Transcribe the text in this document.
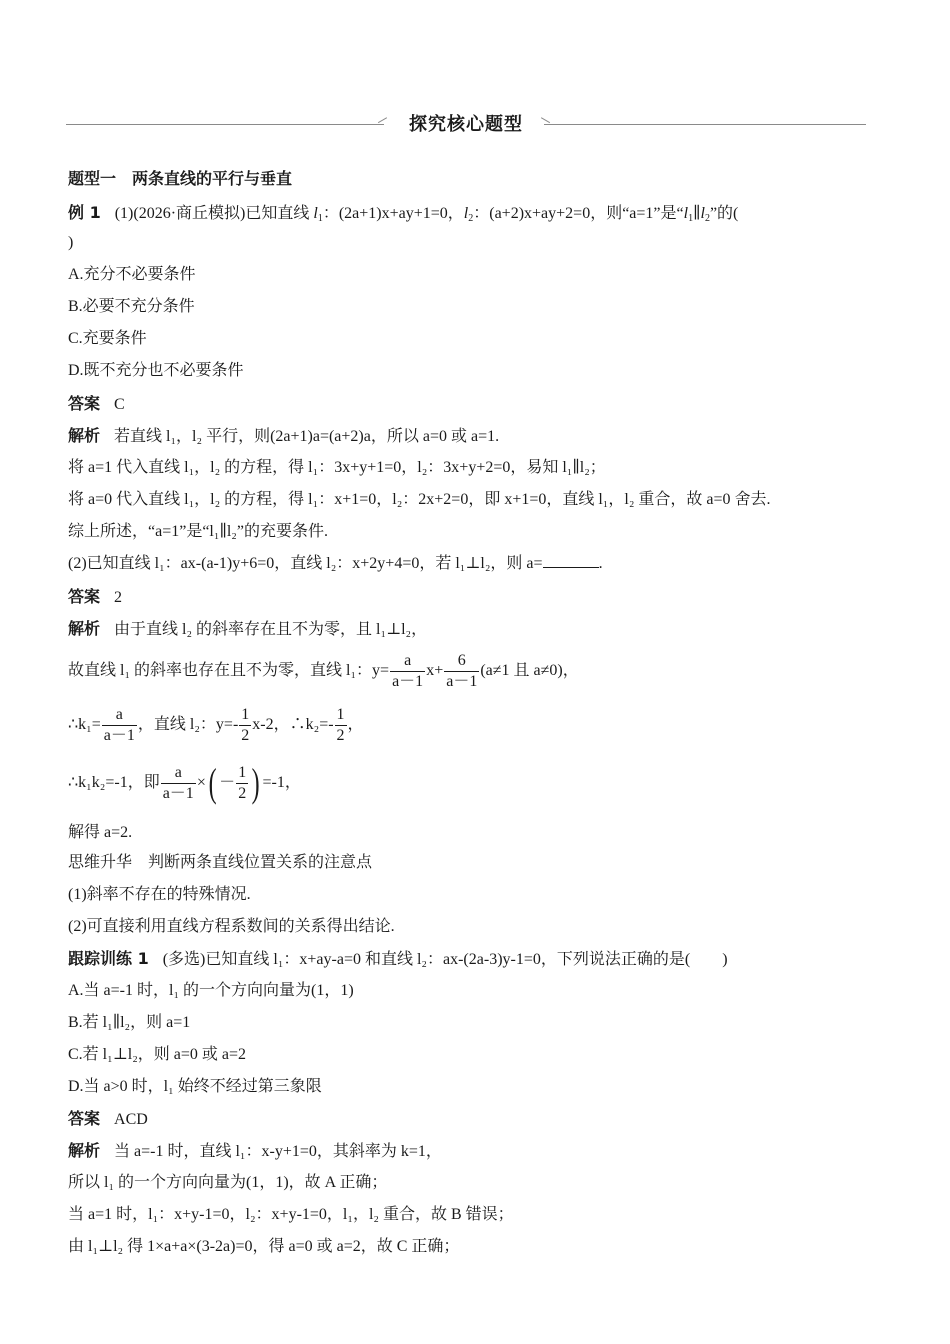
探究核心题型
题型一　两条直线的平行与垂直
例 1 (1)(2026·商丘模拟)已知直线 $l_1$：(2a+1)x+ay+1=0，$l_2$：(a+2)x+ay+2=0，则“a=1”是“$l_1\parallel l_2$”的(
)
A.充分不必要条件
B.必要不充分条件
C.充要条件
D.既不充分也不必要条件
答案 C
解析 若直线 l₁，l₂ 平行，则(2a+1)a=(a+2)a，所以 a=0 或 a=1.
将 a=1 代入直线 l₁，l₂ 的方程，得 l₁：3x+y+1=0，l₂：3x+y+2=0，易知 l₁∥l₂；
将 a=0 代入直线 l₁，l₂ 的方程，得 l₁：x+1=0，l₂：2x+2=0，即 x+1=0，直线 l₁，l₂ 重合，故 a=0 舍去.
综上所述，“a=1”是“l₁∥l₂”的充要条件.
(2)已知直线 l₁：ax-(a-1)y+6=0，直线 l₂：x+2y+4=0，若 l₁⊥l₂，则 a=	.
答案 2
解析 由于直线 l₂ 的斜率存在且不为零，且 l₁⊥l₂，
故直线 l₁ 的斜率也存在且不为零，直线 l₁：$y= \frac{a}{a-1} x+ \frac{6}{a-1} (a\ne 1$ 且 a≠0)，
∴k₁= $\frac{a}{a-1}$ ，直线 l₂：$y=- \frac{1}{2} x-2$，∴k₂=- $\frac{1}{2}$ ，
∴k₁k₂=-1，即 $\frac{a}{a-1}$ ×( － $\frac{1}{2}$ ) =-1，
解得 a=2.
思维升华　判断两条直线位置关系的注意点
(1)斜率不存在的特殊情况.
(2)可直接利用直线方程系数间的关系得出结论.
跟踪训练 1 (多选)已知直线 l₁：x+ay-a=0 和直线 l₂：ax-(2a-3)y-1=0，下列说法正确的是(　　)
A.当 a=-1 时，l₁ 的一个方向向量为(1，1)
B.若 l₁∥l₂，则 a=1
C.若 l₁⊥l₂，则 a=0 或 a=2
D.当 a>0 时，l₁ 始终不经过第三象限
答案 ACD
解析 当 a=-1 时，直线 l₁：x-y+1=0，其斜率为 k=1，
所以 l₁ 的一个方向向量为(1，1)，故 A 正确；
当 a=1 时，l₁：x+y-1=0，l₂：x+y-1=0，l₁，l₂ 重合，故 B 错误；
由 l₁⊥l₂ 得 1×a+a×(3-2a)=0，得 a=0 或 a=2，故 C 正确；
